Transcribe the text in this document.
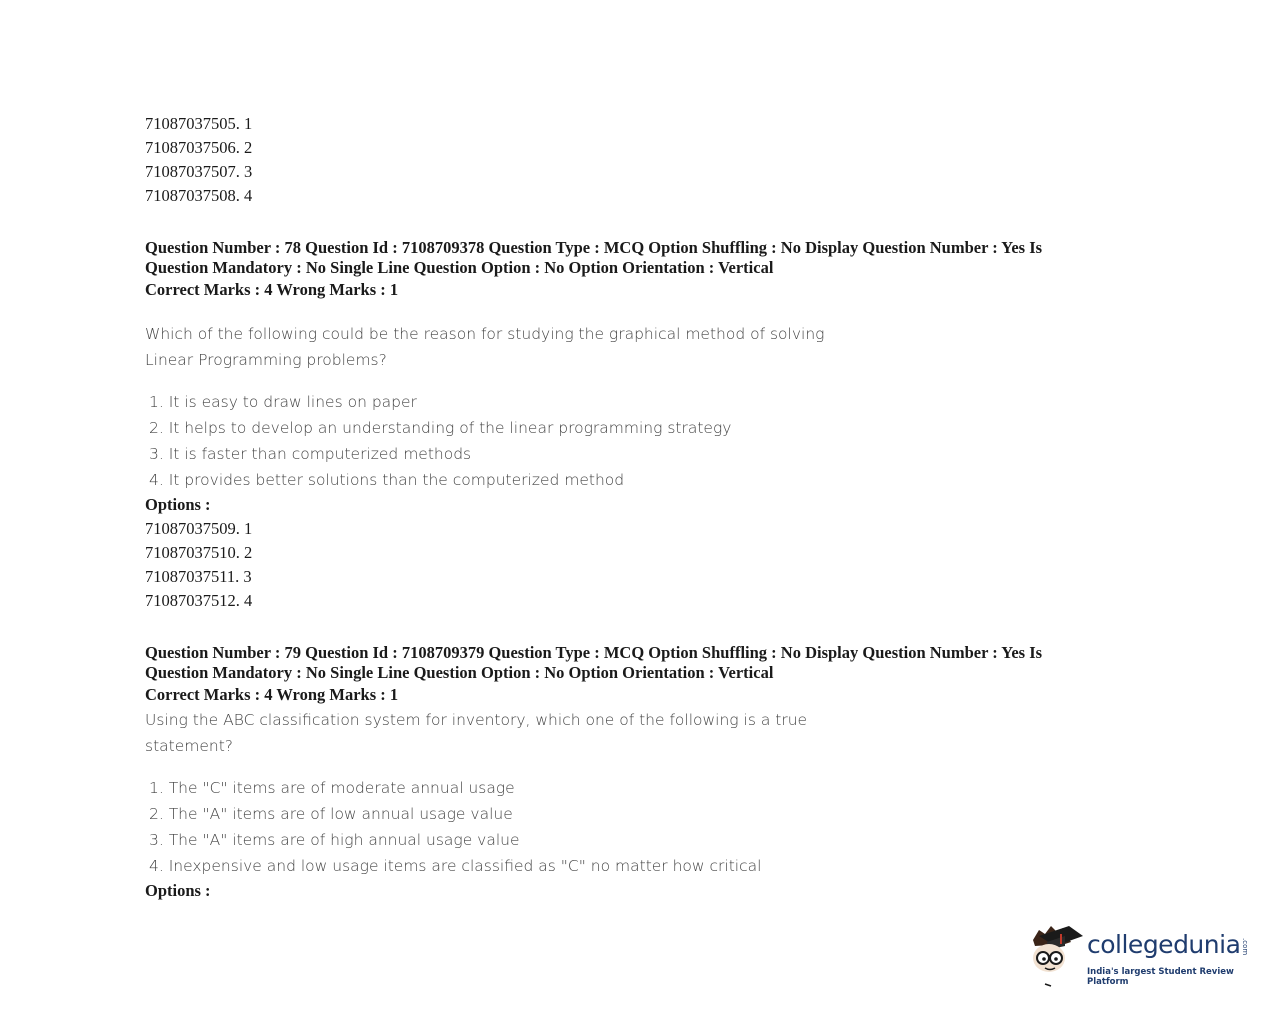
71087037505. 1
71087037506. 2
71087037507. 3
71087037508. 4
Question Number : 78 Question Id : 7108709378 Question Type : MCQ Option Shuffling : No Display Question Number : Yes Is
Question Mandatory : No Single Line Question Option : No Option Orientation : Vertical
Correct Marks : 4 Wrong Marks : 1
Which of the following could be the reason for studying the graphical method of solving
Linear Programming problems?
1. It is easy to draw lines on paper
2. It helps to develop an understanding of the linear programming strategy
3. It is faster than computerized methods
4. It provides better solutions than the computerized method
Options :
71087037509. 1
71087037510. 2
71087037511. 3
71087037512. 4
Question Number : 79 Question Id : 7108709379 Question Type : MCQ Option Shuffling : No Display Question Number : Yes Is
Question Mandatory : No Single Line Question Option : No Option Orientation : Vertical
Correct Marks : 4 Wrong Marks : 1
Using the ABC classification system for inventory, which one of the following is a true
statement?
1. The "C" items are of moderate annual usage
2. The "A" items are of low annual usage value
3. The "A" items are of high annual usage value
4. Inexpensive and low usage items are classified as "C" no matter how critical
Options :
collegedunia .com
India's largest Student Review Platform
